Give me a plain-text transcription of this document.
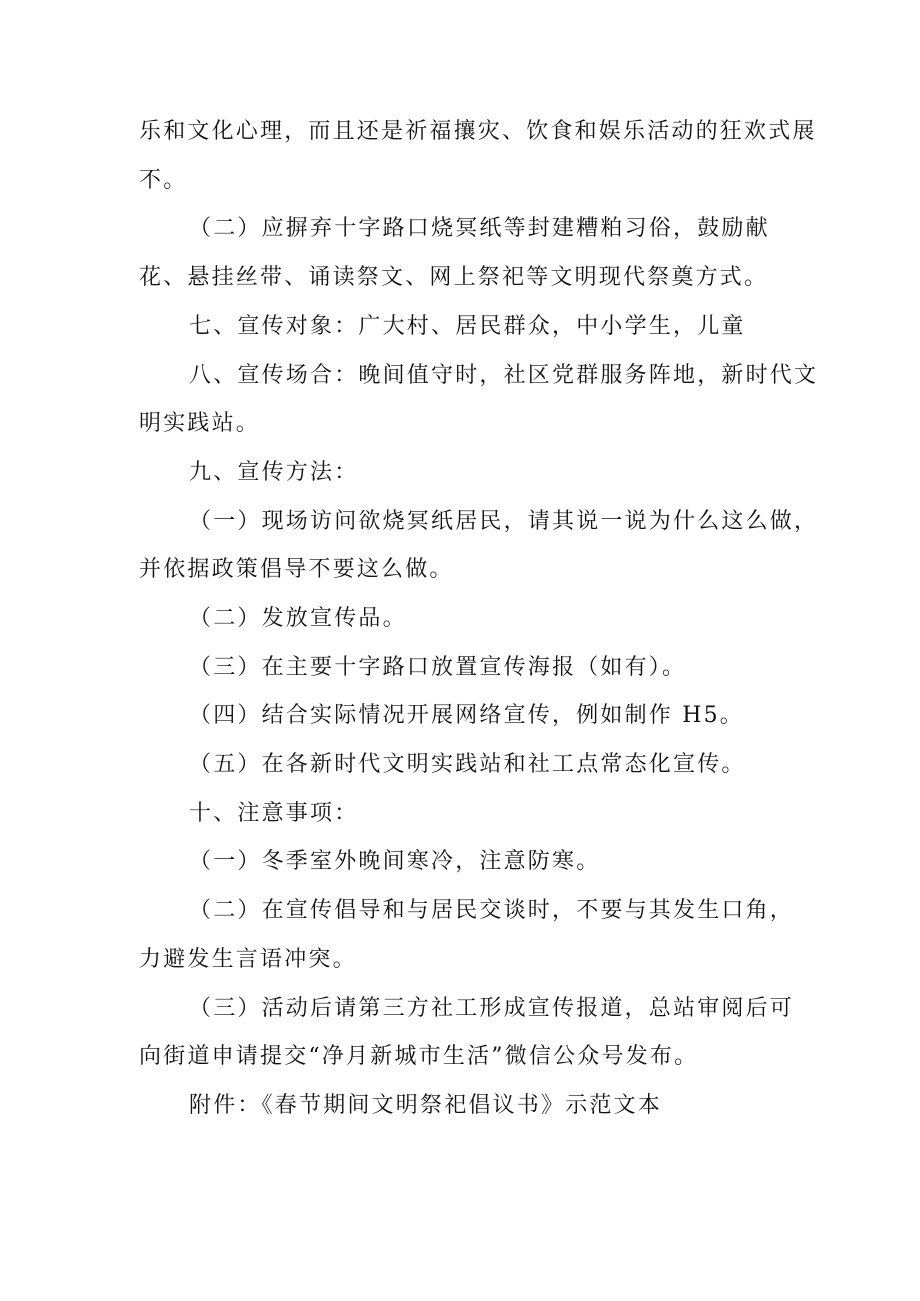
乐和文化心理，而且还是祈福攘灾、饮食和娱乐活动的狂欢式展
不。
（二）应摒弃十字路口烧冥纸等封建糟粕习俗，鼓励献
花、悬挂丝带、诵读祭文、网上祭祀等文明现代祭奠方式。
七、宣传对象：广大村、居民群众，中小学生，儿童
八、宣传场合：晚间值守时，社区党群服务阵地，新时代文
明实践站。
九、宣传方法：
（一）现场访问欲烧冥纸居民，请其说一说为什么这么做，
并依据政策倡导不要这么做。
（二）发放宣传品。
（三）在主要十字路口放置宣传海报（如有）。
（四）结合实际情况开展网络宣传，例如制作 H5。
（五）在各新时代文明实践站和社工点常态化宣传。
十、注意事项：
（一）冬季室外晚间寒冷，注意防寒。
（二）在宣传倡导和与居民交谈时，不要与其发生口角，
力避发生言语冲突。
（三）活动后请第三方社工形成宣传报道，总站审阅后可
向街道申请提交“净月新城市生活”微信公众号发布。
附件：《春节期间文明祭祀倡议书》示范文本
